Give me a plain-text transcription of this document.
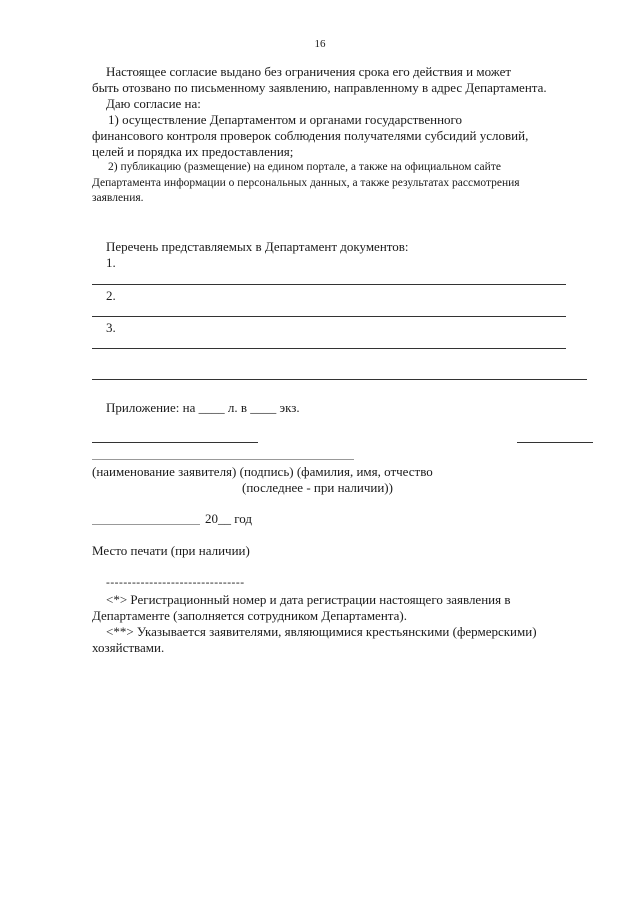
16
Настоящее согласие выдано без ограничения срока его действия и может
быть отозвано по письменному заявлению, направленному в адрес Департамента.
Даю согласие на:
1) осуществление Департаментом и органами государственного
финансового контроля проверок соблюдения получателями субсидий условий,
целей и порядка их предоставления;
2) публикацию (размещение) на едином портале, а также на официальном сайте
Департамента информации о персональных данных, а также результатах рассмотрения
заявления.
Перечень представляемых в Департамент документов:
1.
2.
3.
Приложение: на ____ л. в ____ экз.
(наименование заявителя) (подпись) (фамилия, имя, отчество
(последнее - при наличии))
20__ год
Место печати (при наличии)
--------------------------------
<*> Регистрационный номер и дата регистрации настоящего заявления в
Департаменте (заполняется сотрудником Департамента).
<**> Указывается заявителями, являющимися крестьянскими (фермерскими)
хозяйствами.
